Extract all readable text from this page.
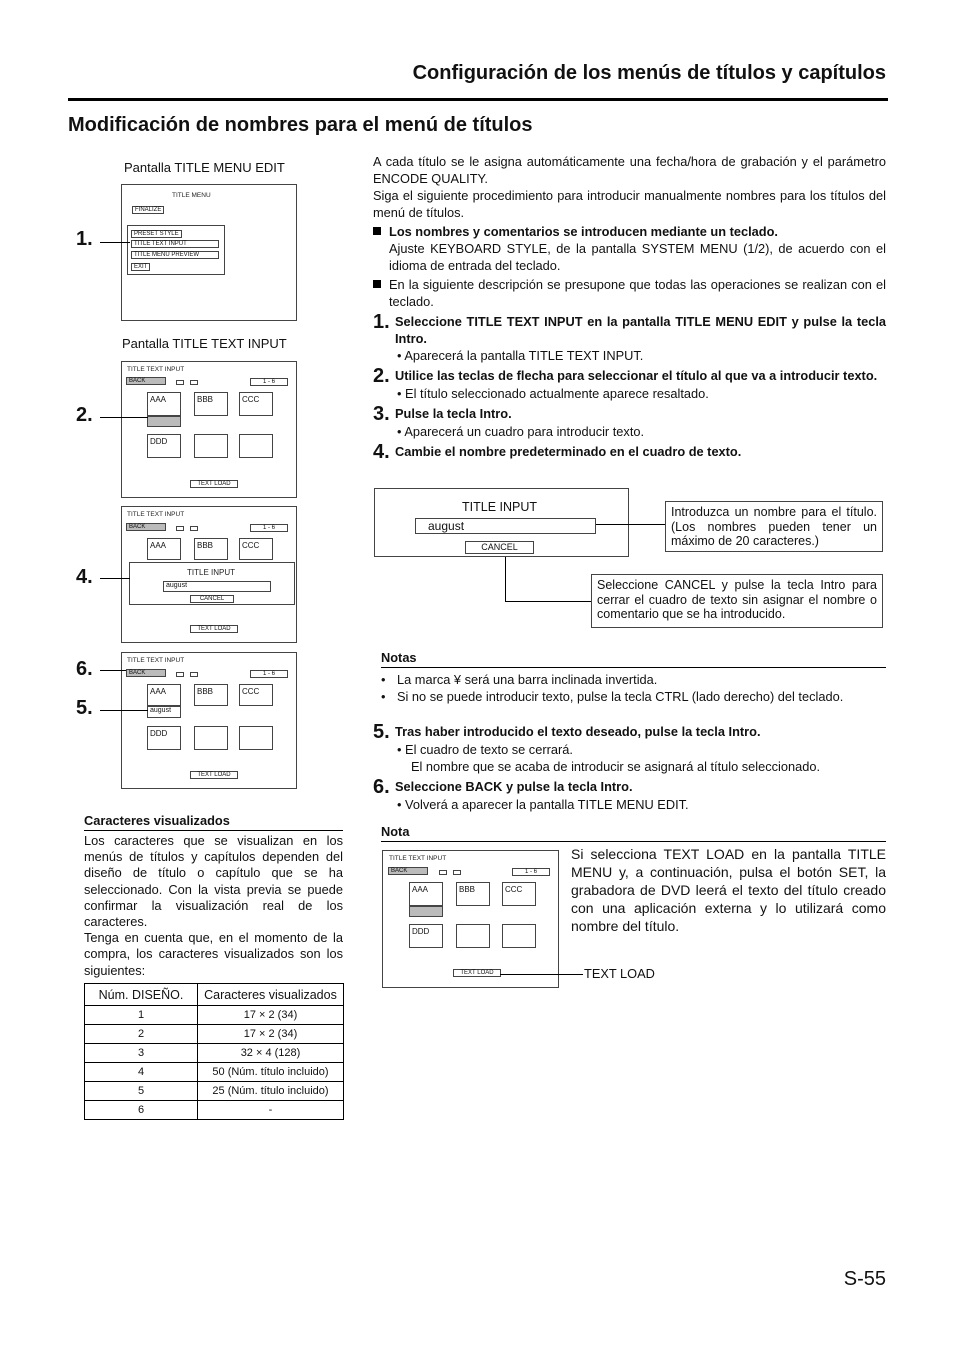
Configuración de los menús de títulos y capítulos
Modificación de nombres para el menú de títulos
Pantalla TITLE MENU EDIT
TITLE MENU
FINALIZE
PRESET STYLE
TITLE TEXT INPUT
TITLE MENU PREVIEW
EXIT
1.
Pantalla TITLE TEXT INPUT
TITLE TEXT INPUT
BACK	1 - 6
AAA	BBB	CCC
DDD
TEXT LOAD
2.
TITLE TEXT INPUT
BACK	1 - 6
AAA	BBB	CCC
TITLE INPUT
august
CANCEL
TEXT LOAD
4.
TITLE TEXT INPUT
BACK	1 - 6
AAA
august
BBB	CCC
DDD
TEXT LOAD
6.
5.
Caracteres visualizados

Los caracteres que se visualizan en los menús de títulos y capítulos dependen del diseño de título o capítulo que se ha seleccionado. Con la vista previa se puede confirmar la visualización real de los caracteres.

Tenga en cuenta que, en el momento de la compra, los caracteres visualizados son los siguientes:

Núm. DISEÑO.	Caracteres visualizados
1	17 × 2 (34)
2	17 × 2 (34)
3	32 × 4 (128)
4	50 (Núm. título incluido)
5	25 (Núm. título incluido)
6	-

A cada título se le asigna automáticamente una fecha/hora de grabación y el parámetro ENCODE QUALITY.

Siga el siguiente procedimiento para introducir manualmente nombres para los títulos del menú de títulos.

Los nombres y comentarios se introducen mediante un teclado.

Ajuste KEYBOARD STYLE, de la pantalla SYSTEM MENU (1/2), de acuerdo con el idioma de entrada del teclado.

En la siguiente descripción se presupone que todas las operaciones se realizan con el teclado.

1. Seleccione TITLE TEXT INPUT en la pantalla TITLE MENU EDIT y pulse la tecla Intro.
• Aparecerá la pantalla TITLE TEXT INPUT.
2. Utilice las teclas de flecha para seleccionar el título al que va a introducir texto.
• El título seleccionado actualmente aparece resaltado.
3. Pulse la tecla Intro.
• Aparecerá un cuadro para introducir texto.
4. Cambie el nombre predeterminado en el cuadro de texto.
TITLE INPUT
august
CANCEL
Introduzca un nombre para el título. (Los nombres pueden tener un máximo de 20 caracteres.)
Seleccione CANCEL y pulse la tecla Intro para cerrar el cuadro de texto sin asignar el nombre o comentario que se ha introducido.
Notas
• La marca ¥ será una barra inclinada invertida.
• Si no se puede introducir texto, pulse la tecla CTRL (lado derecho) del teclado.
5. Tras haber introducido el texto deseado, pulse la tecla Intro.
• El cuadro de texto se cerrará.
El nombre que se acaba de introducir se asignará al título seleccionado.
6. Seleccione BACK y pulse la tecla Intro.
• Volverá a aparecer la pantalla TITLE MENU EDIT.
Nota
TITLE TEXT INPUT
BACK	1 - 6
AAA	BBB	CCC
DDD
TEXT LOAD	TEXT LOAD

Si selecciona TEXT LOAD en la pantalla TITLE MENU y, a continuación, pulsa el botón SET, la grabadora de DVD leerá el texto del título creado con una aplicación externa y lo utilizará como nombre del título.

S-55
